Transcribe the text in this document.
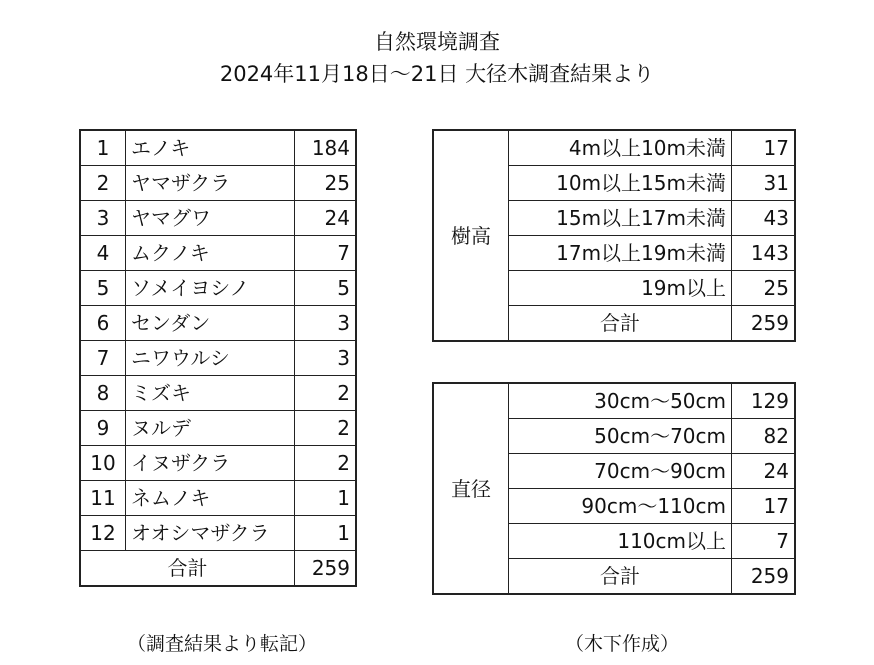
自然環境調査
2024年11月18日〜21日 大径木調査結果より
1	エノキ	184
2	ヤマザクラ	25
3	ヤマグワ	24
4	ムクノキ	7
5	ソメイヨシノ	5
6	センダン	3
7	ニワウルシ	3
8	ミズキ	2
9	ヌルデ	2
10	イヌザクラ	2
11	ネムノキ	1
12	オオシマザクラ	1
合計		259
樹高	4m以上10m未満	17
	10m以上15m未満	31
	15m以上17m未満	43
	17m以上19m未満	143
	19m以上	25
	合計	259
直径	30cm〜50cm	129
	50cm〜70cm	82
	70cm〜90cm	24
	90cm〜110cm	17
	110cm以上	7
	合計	259
（調査結果より転記）	（木下作成）
